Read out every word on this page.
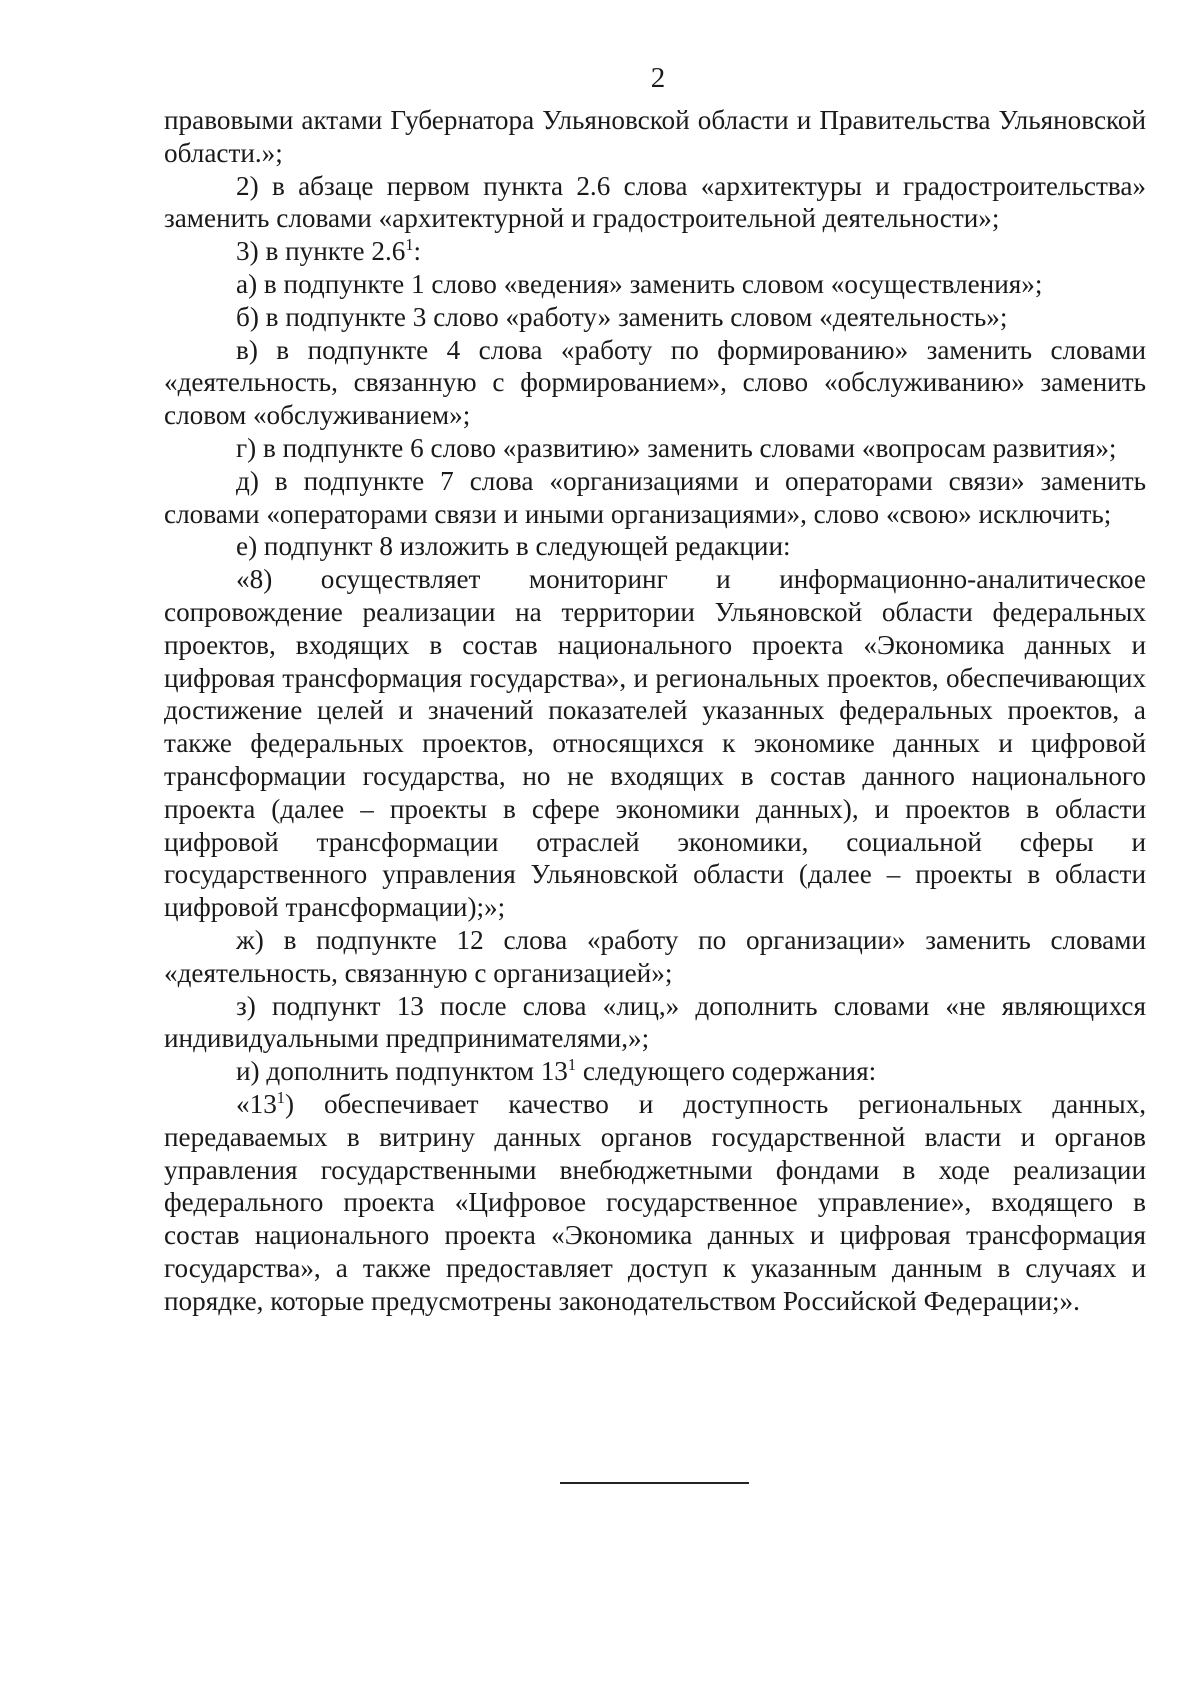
2

правовыми актами Губернатора Ульяновской области и Правительства Ульяновской области.»;

2) в абзаце первом пункта 2.6 слова «архитектуры и градостроительства» заменить словами «архитектурной и градостроительной деятельности»;

3) в пункте $2.6^1$:

а) в подпункте 1 слово «ведения» заменить словом «осуществления»;

б) в подпункте 3 слово «работу» заменить словом «деятельность»;

в) в подпункте 4 слова «работу по формированию» заменить словами «деятельность, связанную с формированием», слово «обслуживанию» заменить словом «обслуживанием»;

г) в подпункте 6 слово «развитию» заменить словами «вопросам развития»;

д) в подпункте 7 слова «организациями и операторами связи» заменить словами «операторами связи и иными организациями», слово «свою» исключить;

е) подпункт 8 изложить в следующей редакции:

«8) осуществляет мониторинг и информационно-аналитическое сопровождение реализации на территории Ульяновской области федеральных проектов, входящих в состав национального проекта «Экономика данных и цифровая трансформация государства», и региональных проектов, обеспечивающих достижение целей и значений показателей указанных федеральных проектов, а также федеральных проектов, относящихся к экономике данных и цифровой трансформации государства, но не входящих в состав данного национального проекта (далее – проекты в сфере экономики данных), и проектов в области цифровой трансформации отраслей экономики, социальной сферы и государственного управления Ульяновской области (далее – проекты в области цифровой трансформации);»;

ж) в подпункте 12 слова «работу по организации» заменить словами «деятельность, связанную с организацией»;

з) подпункт 13 после слова «лиц,» дополнить словами «не являющихся индивидуальными предпринимателями,»;

и) дополнить подпунктом $13^1$ следующего содержания:

«$13^1$) обеспечивает качество и доступность региональных данных, передаваемых в витрину данных органов государственной власти и органов управления государственными внебюджетными фондами в ходе реализации федерального проекта «Цифровое государственное управление», входящего в состав национального проекта «Экономика данных и цифровая трансформация государства», а также предоставляет доступ к указанным данным в случаях и порядке, которые предусмотрены законодательством Российской Федерации;».
